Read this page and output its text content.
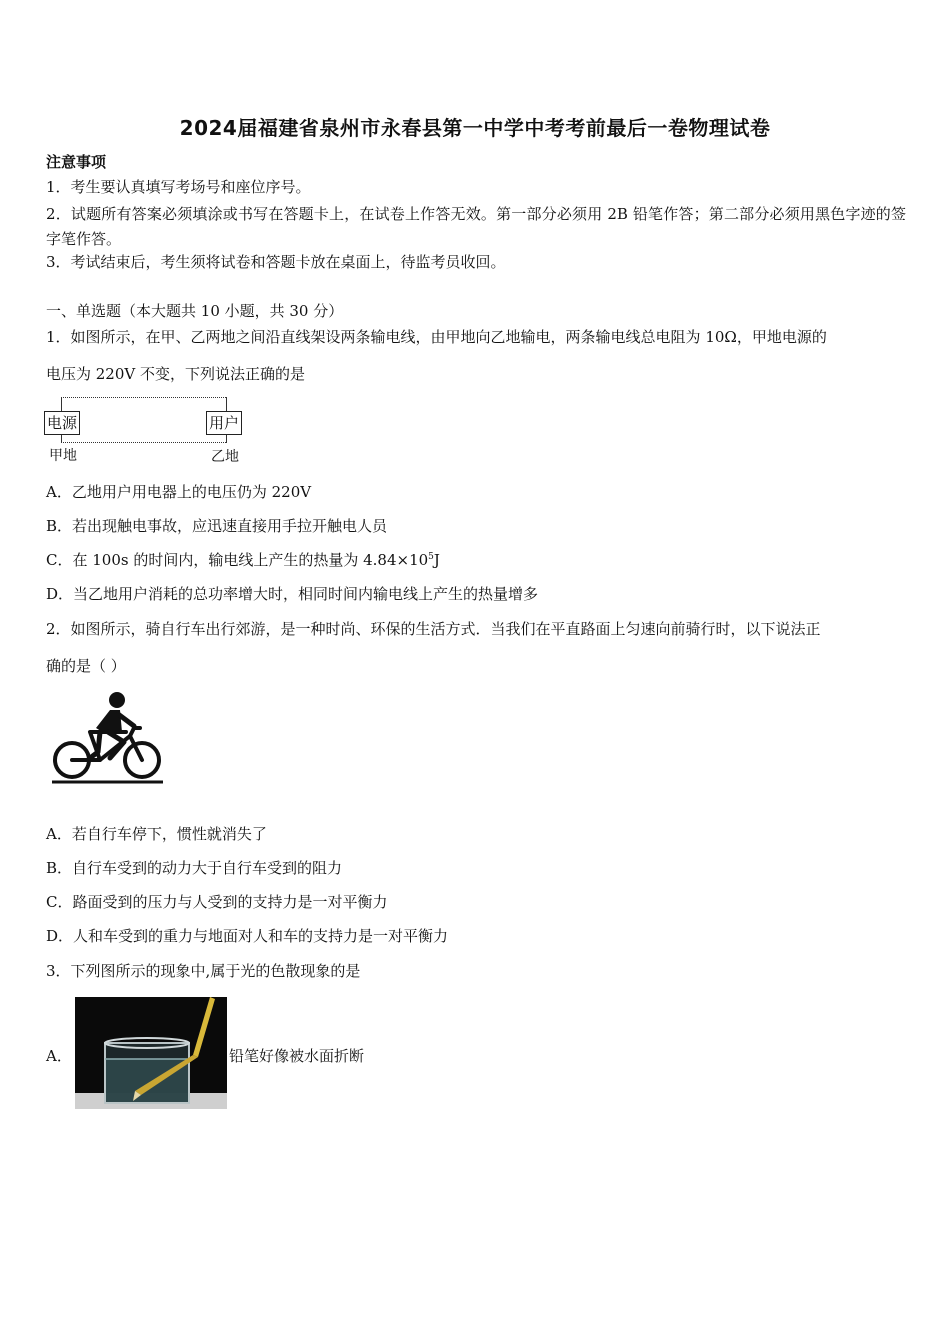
2024届福建省泉州市永春县第一中学中考考前最后一卷物理试卷
注意事项
1．考生要认真填写考场号和座位序号。
2．试题所有答案必须填涂或书写在答题卡上，在试卷上作答无效。第一部分必须用 2B 铅笔作答；第二部分必须用黑色字迹的签字笔作答。
3．考试结束后，考生须将试卷和答题卡放在桌面上，待监考员收回。
一、单选题（本大题共 10 小题，共 30 分）
1．如图所示，在甲、乙两地之间沿直线架设两条输电线，由甲地向乙地输电，两条输电线总电阻为 10Ω，甲地电源的
电压为 220V 不变，下列说法正确的是
电源	用户
甲地	乙地
A．乙地用户用电器上的电压仍为 220V
B．若出现触电事故，应迅速直接用手拉开触电人员
C．在 100s 的时间内，输电线上产生的热量为 $4.84\times 10^5J$
D．当乙地用户消耗的总功率增大时，相同时间内输电线上产生的热量增多
2．如图所示，骑自行车出行郊游，是一种时尚、环保的生活方式．当我们在平直路面上匀速向前骑行时，以下说法正
确的是（ ）
A．若自行车停下，惯性就消失了
B．自行车受到的动力大于自行车受到的阻力
C．路面受到的压力与人受到的支持力是一对平衡力
D．人和车受到的重力与地面对人和车的支持力是一对平衡力
3．下列图所示的现象中,属于光的色散现象的是
A．	铅笔好像被水面折断
